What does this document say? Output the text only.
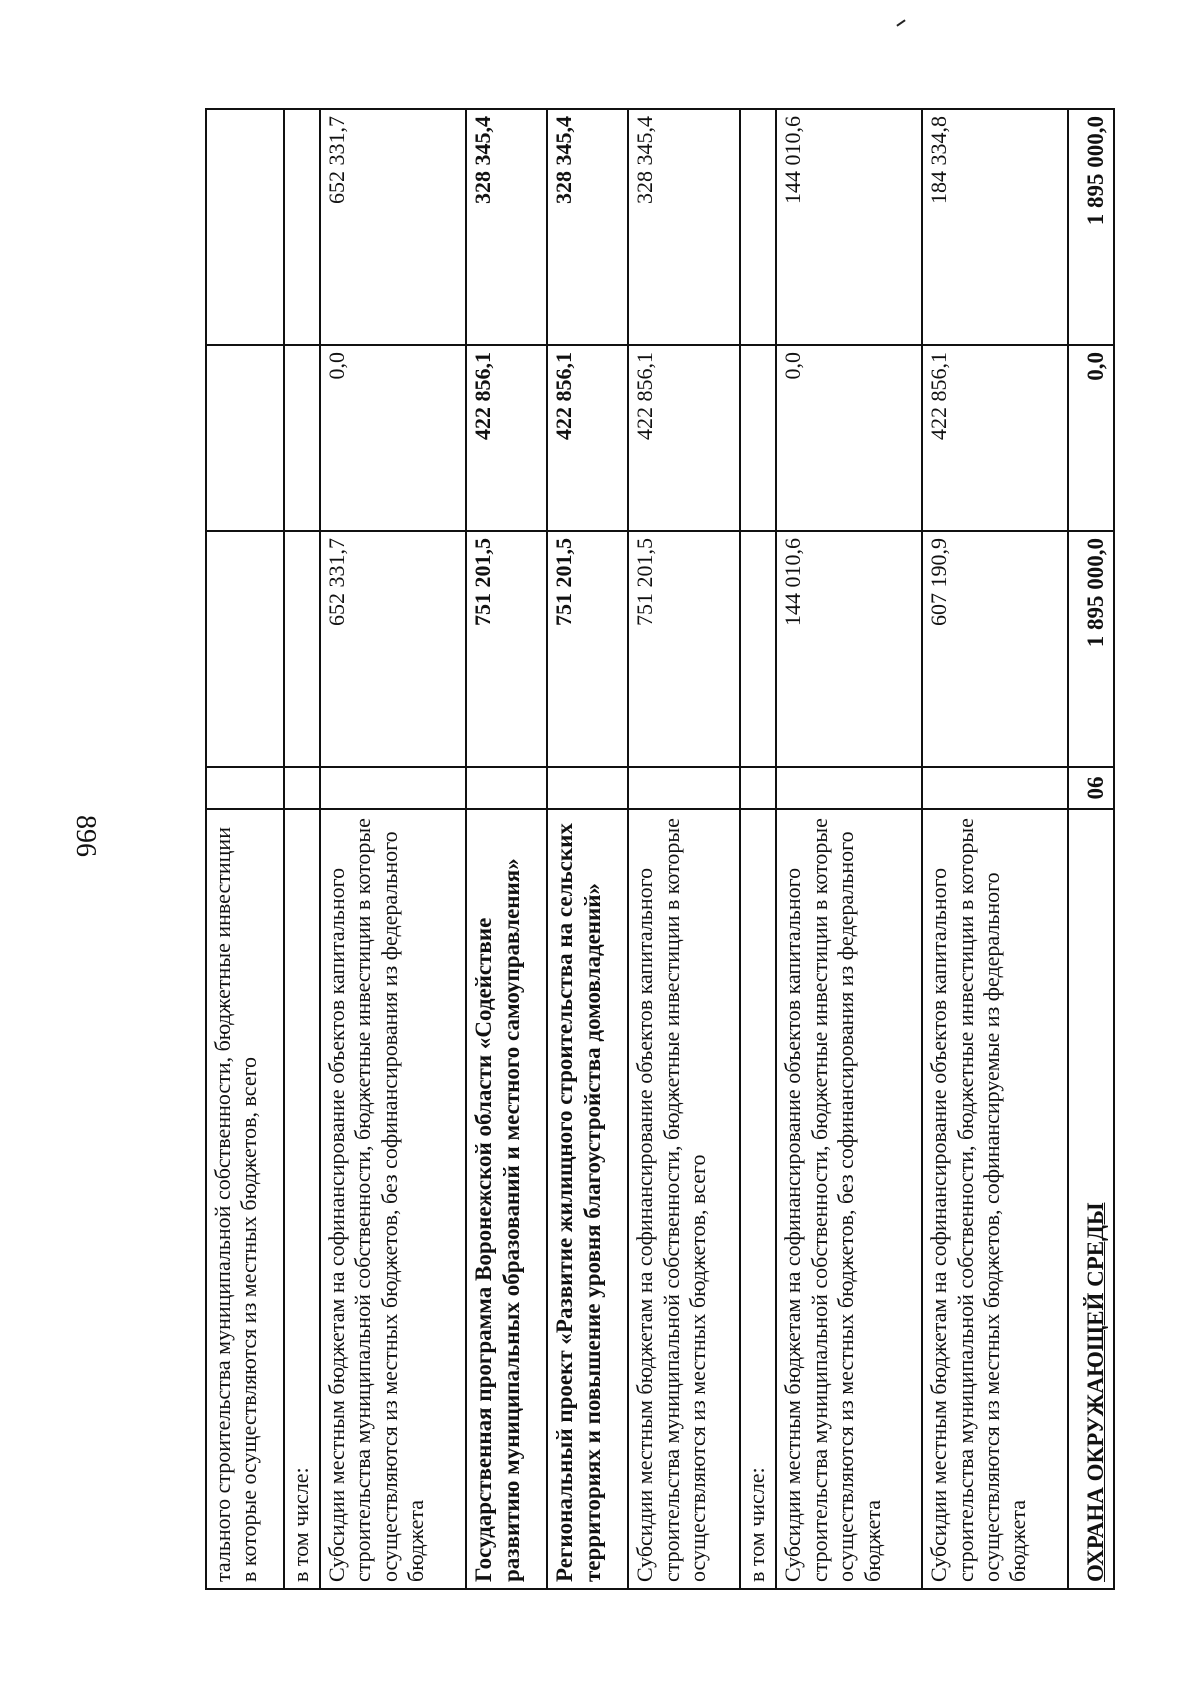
896	тального строительства муниципальной собственности, бюджетные инвестиции в которые осуществляются из местных бюджетов, всего				
в том числе:				
Субсидии местным бюджетам на софинансирование объектов капитального строительства муниципальной собственности, бюджетные инвестиции в которые осуществляются из местных бюджетов, без софинансирования из федерального бюджета		652 331,7	0,0	652 331,7
Государственная программа Воронежской области «Содействие развитию муниципальных образований и местного самоуправления»		751 201,5	422 856,1	328 345,4
Региональный проект «Развитие жилищного строительства на сельских территориях и повышение уровня благоустройства домовладений»		751 201,5	422 856,1	328 345,4
Субсидии местным бюджетам на софинансирование объектов капитального строительства муниципальной собственности, бюджетные инвестиции в которые осуществляются из местных бюджетов, всего		751 201,5	422 856,1	328 345,4
в том числе:				
Субсидии местным бюджетам на софинансирование объектов капитального строительства муниципальной собственности, бюджетные инвестиции в которые осуществляются из местных бюджетов, без софинансирования из федерального бюджета		144 010,6	0,0	144 010,6
Субсидии местным бюджетам на софинансирование объектов капитального строительства муниципальной собственности, бюджетные инвестиции в которые осуществляются из местных бюджетов, софинансируемые из федерального бюджета		607 190,9	422 856,1	184 334,8
ОХРАНА ОКРУЖАЮЩЕЙ СРЕДЫ	06	1 895 000,0	0,0	1 895 000,0
